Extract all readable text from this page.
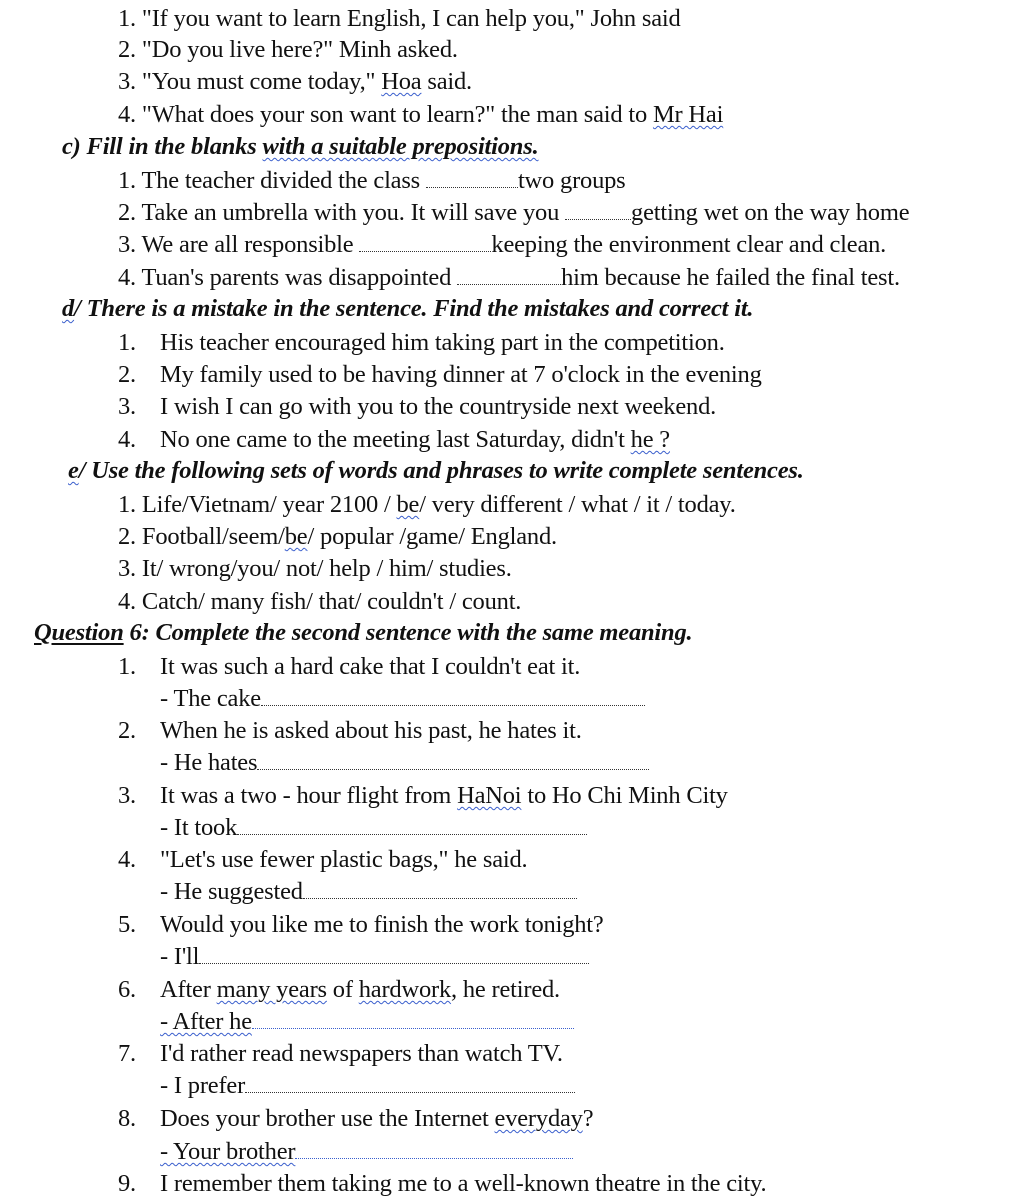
1. "If you want to learn English, I can help you," John said
2. "Do you live here?" Minh asked.
3. "You must come today," Hoa said.
4. "What does your son want to learn?" the man said to Mr Hai
c) Fill in the blanks with a suitable prepositions.
1. The teacher divided the class	two groups
2. Take an umbrella with you. It will save you	getting wet on the way home
3. We are all responsible	keeping the environment clear and clean.
4. Tuan's parents was disappointed	him because he failed the final test.
d/ There is a mistake in the sentence. Find the mistakes and correct it.
1. His teacher encouraged him taking part in the competition.
2. My family used to be having dinner at 7 o'clock in the evening
3. I wish I can go with you to the countryside next weekend.
4. No one came to the meeting last Saturday, didn't he ?
e/ Use the following sets of words and phrases to write complete sentences.
1. Life/Vietnam/ year 2100 / be/ very different / what / it / today.
2. Football/seem/be/ popular /game/ England.
3. It/ wrong/you/ not/ help / him/ studies.
4. Catch/ many fish/ that/ couldn't / count.
Question 6: Complete the second sentence with the same meaning.
1. It was such a hard cake that I couldn't eat it.
- The cake
2. When he is asked about his past, he hates it.
- He hates
3. It was a two - hour flight from HaNoi to Ho Chi Minh City
- It took
4. "Let's use fewer plastic bags," he said.
- He suggested
5. Would you like me to finish the work tonight?
- I'll
6. After many years of hardwork, he retired.
- After he
7. I'd rather read newspapers than watch TV.
- I prefer
8. Does your brother use the Internet everyday?
- Your brother
9. I remember them taking me to a well-known theatre in the city.
